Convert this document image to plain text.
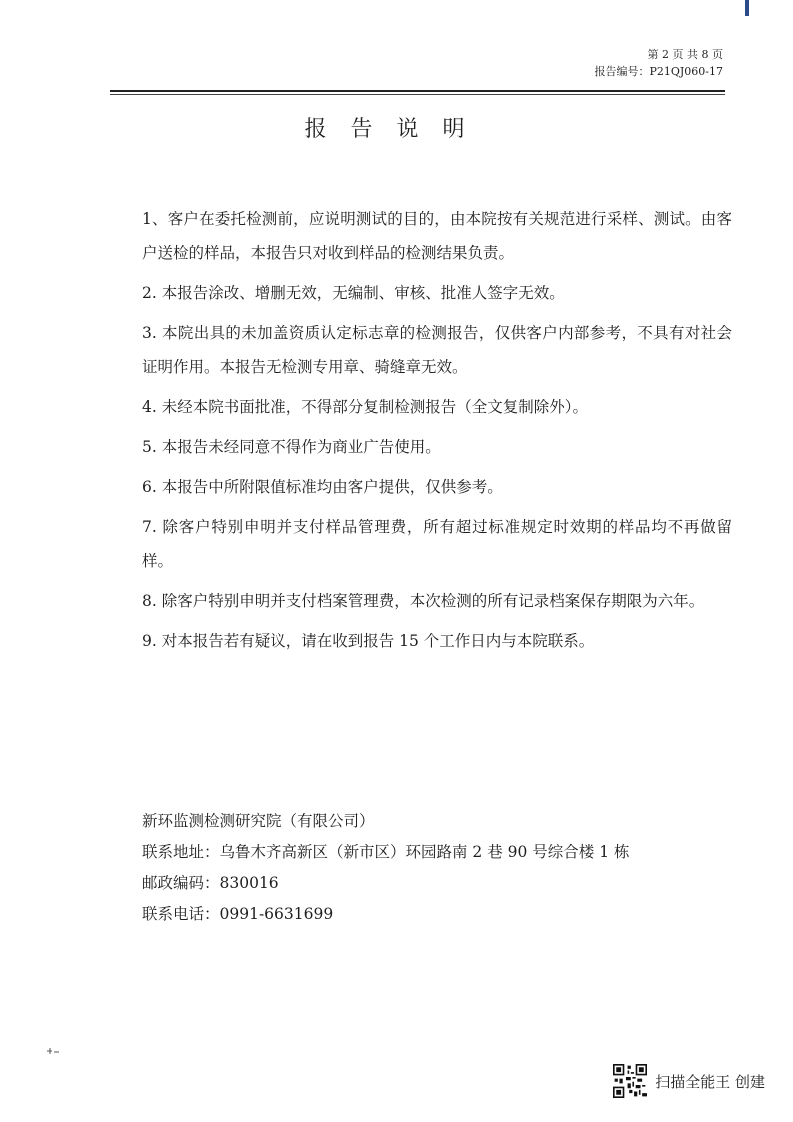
第 2 页 共 8 页
报告编号：P21QJ060-17
报告说明

1、客户在委托检测前，应说明测试的目的，由本院按有关规范进行采样、测试。由客户送检的样品，本报告只对收到样品的检测结果负责。

2. 本报告涂改、增删无效，无编制、审核、批准人签字无效。

3. 本院出具的未加盖资质认定标志章的检测报告，仅供客户内部参考，不具有对社会证明作用。本报告无检测专用章、骑缝章无效。

4. 未经本院书面批准，不得部分复制检测报告（全文复制除外）。

5. 本报告未经同意不得作为商业广告使用。

6. 本报告中所附限值标准均由客户提供，仅供参考。

7. 除客户特别申明并支付样品管理费，所有超过标准规定时效期的样品均不再做留样。

8. 除客户特别申明并支付档案管理费，本次检测的所有记录档案保存期限为六年。

9. 对本报告若有疑议，请在收到报告 15 个工作日内与本院联系。

新环监测检测研究院（有限公司）
联系地址：乌鲁木齐高新区（新市区）环园路南 2 巷 90 号综合楼 1 栋
邮政编码：830016
联系电话：0991-6631699
扫描全能王 创建
